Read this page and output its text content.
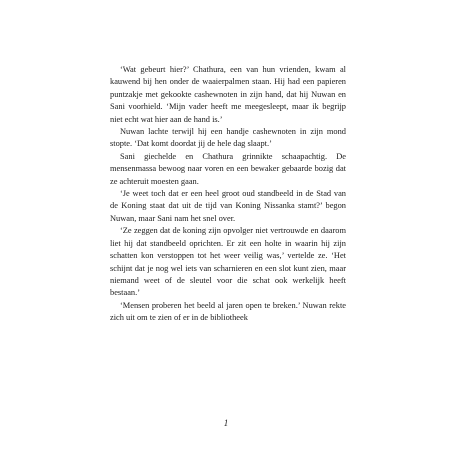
‘Wat gebeurt hier?’ Chathura, een van hun vrienden, kwam al kauwend bij hen onder de waaierpalmen staan. Hij had een papieren puntzakje met gekookte cashewnoten in zijn hand, dat hij Nuwan en Sani voorhield. ‘Mijn vader heeft me meegesleept, maar ik begrijp niet echt wat hier aan de hand is.’

Nuwan lachte terwijl hij een handje cashewnoten in zijn mond stopte. ‘Dat komt doordat jij de hele dag slaapt.’

Sani giechelde en Chathura grinnikte schaapachtig. De mensenmassa bewoog naar voren en een bewaker gebaarde bozig dat ze achteruit moesten gaan.

‘Je weet toch dat er een heel groot oud standbeeld in de Stad van de Koning staat dat uit de tijd van Koning Nissanka stamt?’ begon Nuwan, maar Sani nam het snel over.

‘Ze zeggen dat de koning zijn opvolger niet vertrouwde en daarom liet hij dat standbeeld oprichten. Er zit een holte in waarin hij zijn schatten kon verstoppen tot het weer veilig was,’ vertelde ze. ‘Het schijnt dat je nog wel iets van scharnieren en een slot kunt zien, maar niemand weet of de sleutel voor die schat ook werkelijk heeft bestaan.’

‘Mensen proberen het beeld al jaren open te breken.’ Nuwan rekte zich uit om te zien of er in de bibliotheek

1
